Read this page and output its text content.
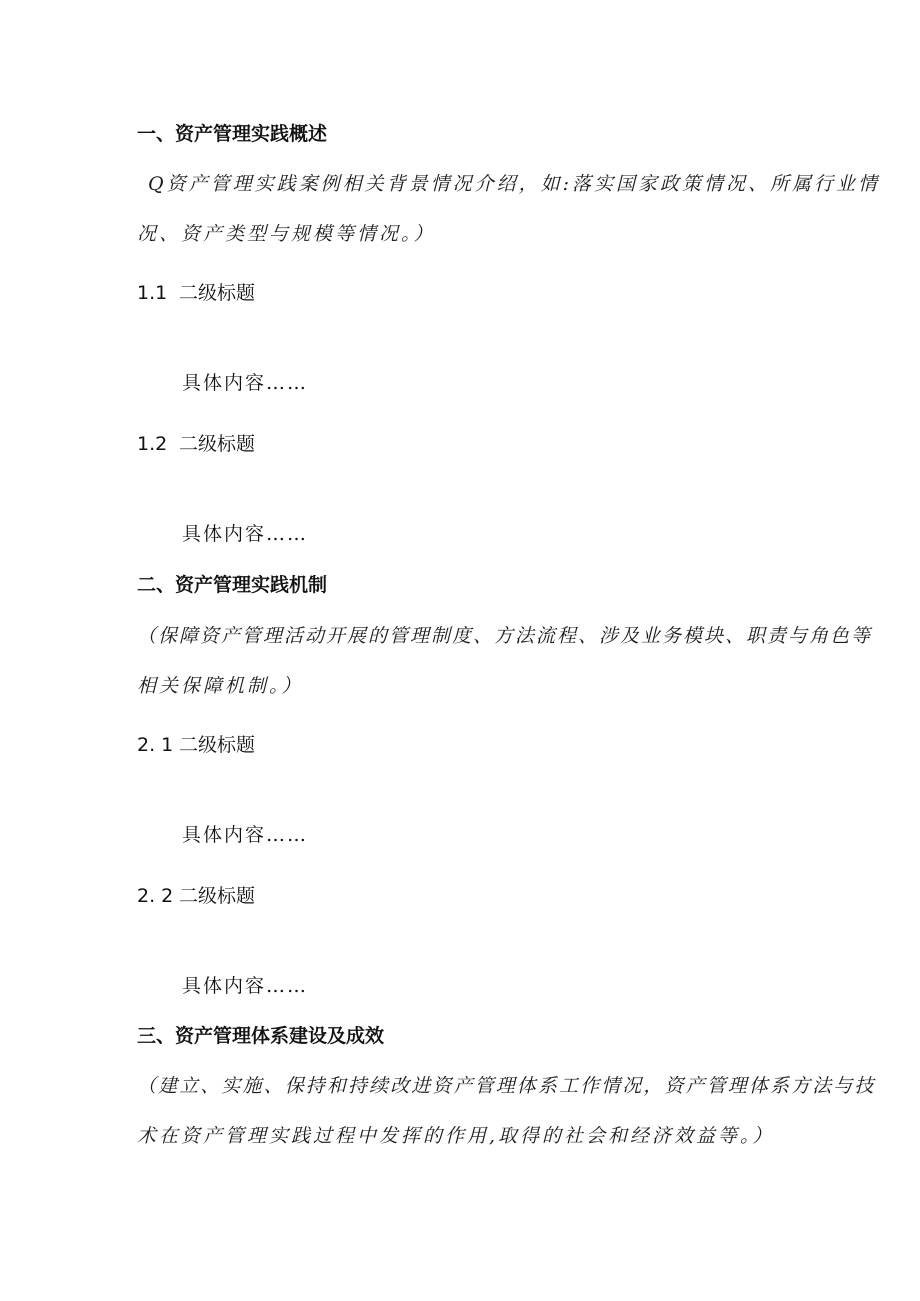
一、资产管理实践概述
Q资产管理实践案例相关背景情况介绍，如:落实国家政策情况、所属行业情
况、资产类型与规模等情况。）
1.1 二级标题
具体内容……
1.2 二级标题
具体内容……
二、资产管理实践机制
（保障资产管理活动开展的管理制度、方法流程、涉及业务模块、职责与角色等
相关保障机制。）
2. 1 二级标题
具体内容……
2. 2 二级标题
具体内容……
三、资产管理体系建设及成效
（建立、实施、保持和持续改进资产管理体系工作情况，资产管理体系方法与技
术在资产管理实践过程中发挥的作用,取得的社会和经济效益等。）
